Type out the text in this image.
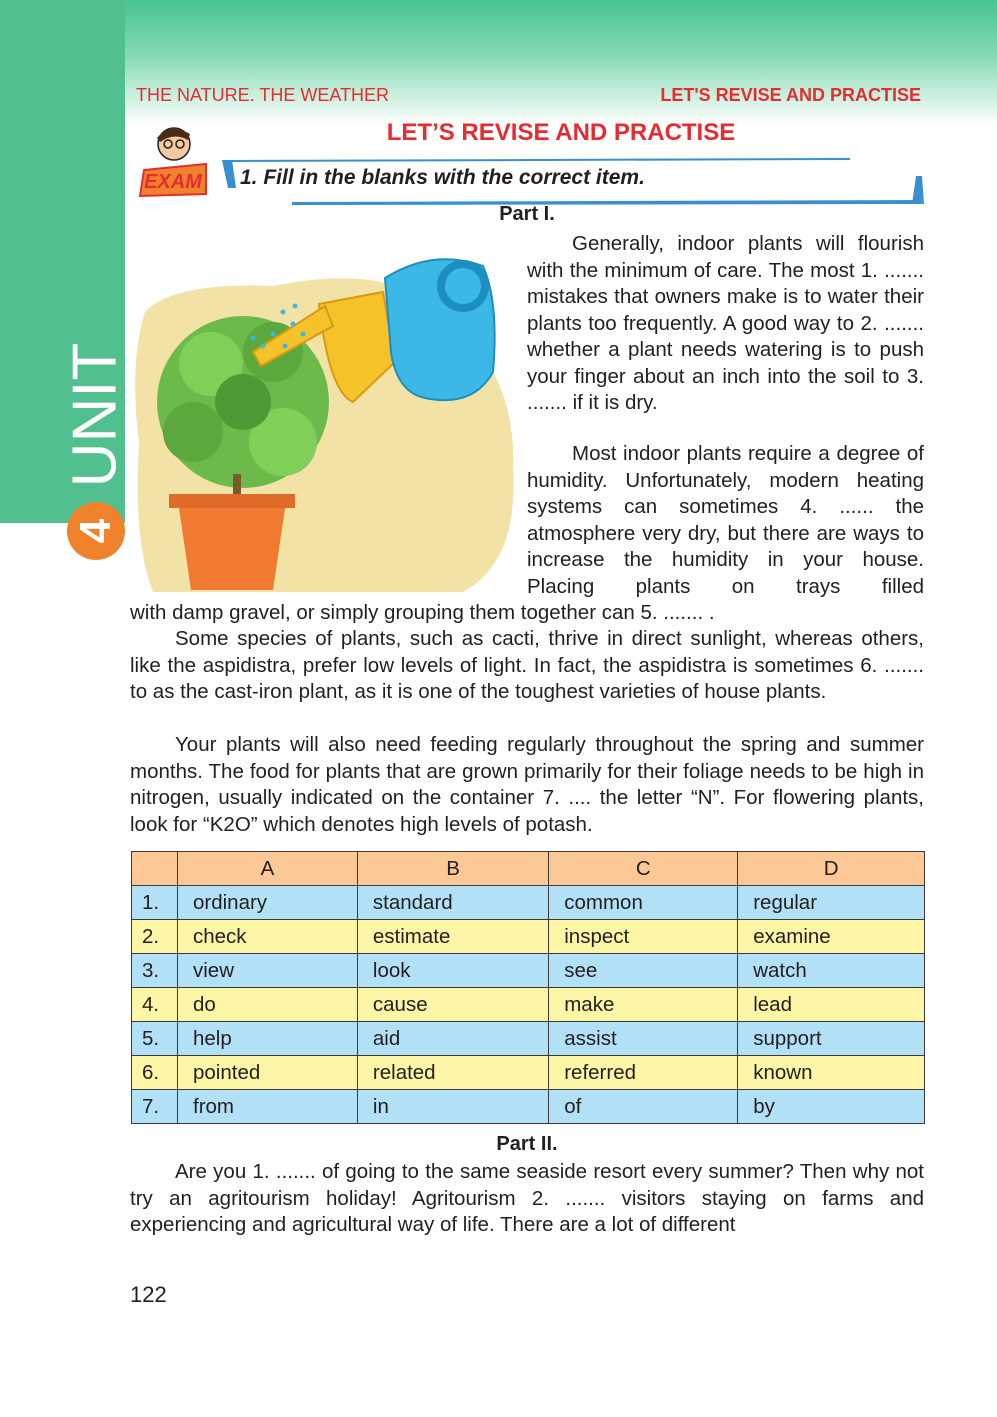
UNIT
4
THE NATURE. THE WEATHER	LET'S REVISE AND PRACTISE
LET’S REVISE AND PRACTISE
EXAM 1. Fill in the blanks with the correct item.
Part I.

Generally, indoor plants will flourish with the minimum of care. The most 1. ....... mistakes that owners make is to water their plants too frequently. A good way to 2. ....... whether a plant needs watering is to push your finger about an inch into the soil to 3. ....... if it is dry.

Most indoor plants require a degree of humidity. Unfortunately, modern heating systems can sometimes 4. ...... the atmosphere very dry, but there are ways to increase the humidity in your house. Placing plants on trays filled

with damp gravel, or simply grouping them together can 5. ....... .

Some species of plants, such as cacti, thrive in direct sunlight, whereas others, like the aspidistra, prefer low levels of light. In fact, the aspidistra is sometimes 6. ....... to as the cast-iron plant, as it is one of the toughest varieties of house plants.

Your plants will also need feeding regularly throughout the spring and summer months. The food for plants that are grown primarily for their foliage needs to be high in nitrogen, usually indicated on the container 7. .... the letter “N”. For flowering plants, look for “K2O” which denotes high levels of potash.

	A	B	C	D
1.	ordinary	standard	common	regular
2.	check	estimate	inspect	examine
3.	view	look	see	watch
4.	do	cause	make	lead
5.	help	aid	assist	support
6.	pointed	related	referred	known
7.	from	in	of	by
Part II.

Are you 1. ....... of going to the same seaside resort every summer? Then why not try an agritourism holiday! Agritourism 2. ....... visitors staying on farms and experiencing and agricultural way of life. There are a lot of different

122
